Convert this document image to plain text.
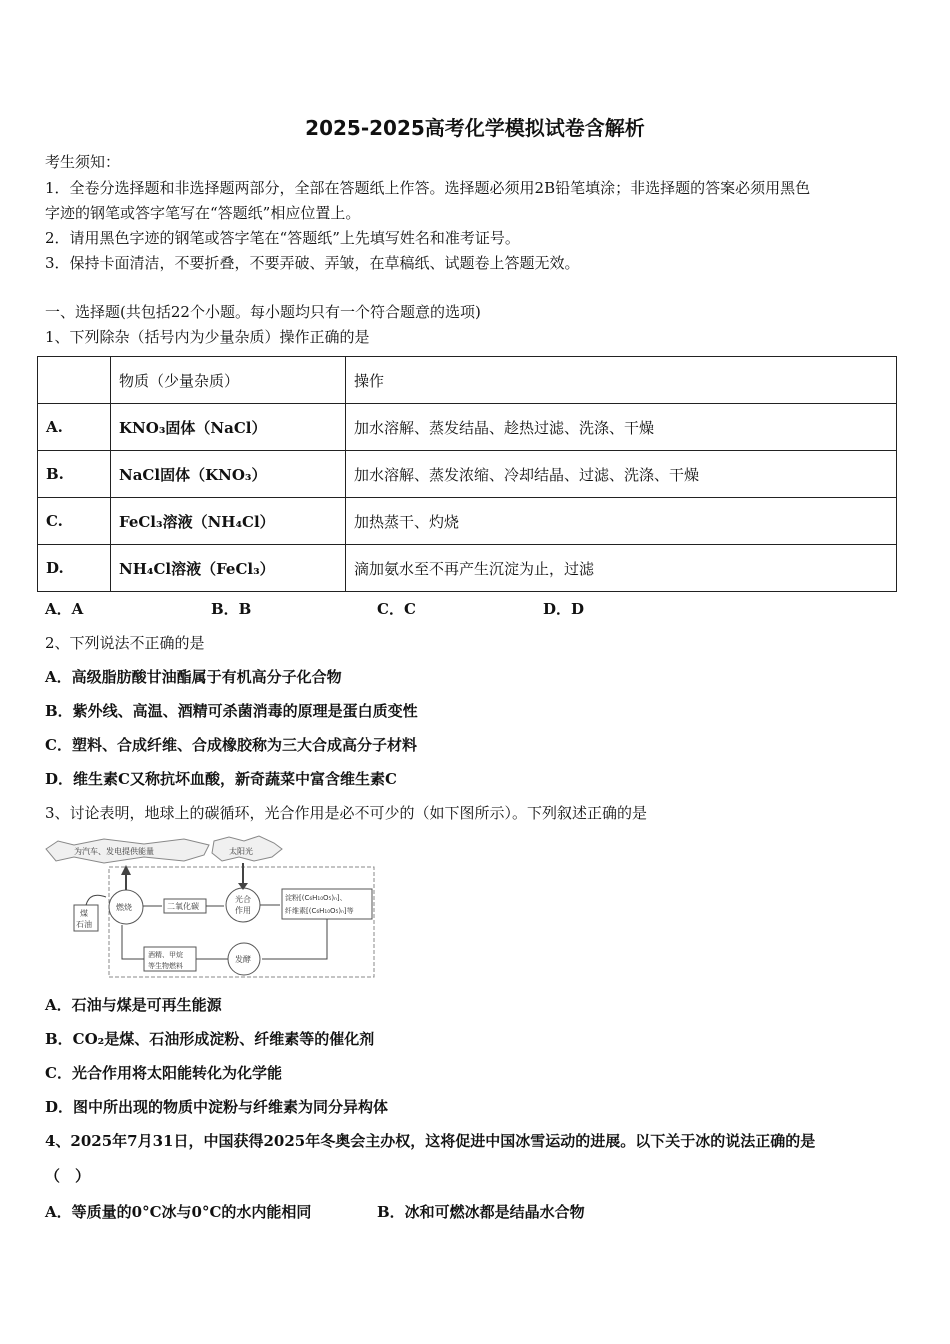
2025-2025高考化学模拟试卷含解析
考生须知：
1．全卷分选择题和非选择题两部分，全部在答题纸上作答。选择题必须用2B铅笔填涂；非选择题的答案必须用黑色
字迹的钢笔或答字笔写在“答题纸”相应位置上。
2．请用黑色字迹的钢笔或答字笔在“答题纸”上先填写姓名和准考证号。
3．保持卡面清洁，不要折叠，不要弄破、弄皱，在草稿纸、试题卷上答题无效。
一、选择题(共包括22个小题。每小题均只有一个符合题意的选项)
1、下列除杂（括号内为少量杂质）操作正确的是
	物质（少量杂质）	操作
A.	KNO₃固体（NaCl）	加水溶解、蒸发结晶、趁热过滤、洗涤、干燥
B.	NaCl固体（KNO₃）	加水溶解、蒸发浓缩、冷却结晶、过滤、洗涤、干燥
C.	FeCl₃溶液（NH₄Cl）	加热蒸干、灼烧
D.	NH₄Cl溶液（FeCl₃）	滴加氨水至不再产生沉淀为止，过滤
A．A	B．B	C．C	D．D
2、下列说法不正确的是
A．高级脂肪酸甘油酯属于有机高分子化合物
B．紫外线、高温、酒精可杀菌消毒的原理是蛋白质变性
C．塑料、合成纤维、合成橡胶称为三大合成高分子材料
D．维生素C又称抗坏血酸，新奇蔬菜中富含维生素C
3、讨论表明，地球上的碳循环，光合作用是必不可少的（如下图所示）。下列叙述正确的是
为汽车、发电提供能量	太阳光
燃烧	二氧化碳
光合
作用
淀粉[(C₆H₁₀O₅)ₙ]、
纤维素[(C₆H₁₀O₅)ₙ]等
煤
石油
发酵
酒精、甲烷
等生物燃料
A．石油与煤是可再生能源
B．CO₂是煤、石油形成淀粉、纤维素等的催化剂
C．光合作用将太阳能转化为化学能
D．图中所出现的物质中淀粉与纤维素为同分异构体
4、2025年7月31日，中国获得2025年冬奥会主办权，这将促进中国冰雪运动的进展。以下关于冰的说法正确的是
（　）
A．等质量的0°C冰与0°C的水内能相同	B．冰和可燃冰都是结晶水合物
